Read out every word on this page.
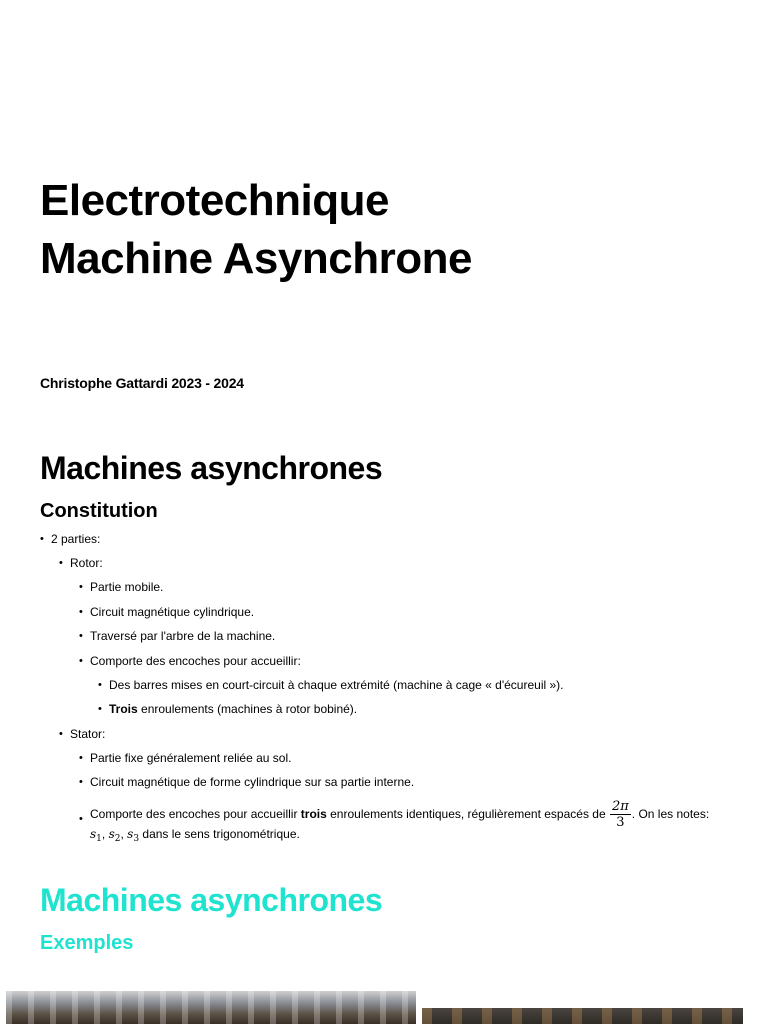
Electrotechnique
Machine Asynchrone
Christophe Gattardi 2023 - 2024
Machines asynchrones
Constitution
• 2 parties:
• Rotor:
• Partie mobile.
• Circuit magnétique cylindrique.
• Traversé par l'arbre de la machine.
• Comporte des encoches pour accueillir:
• Des barres mises en court-circuit à chaque extrémité (machine à cage « d'écureuil »).
• Trois enroulements (machines à rotor bobiné).
• Stator:
• Partie fixe généralement reliée au sol.
• Circuit magnétique de forme cylindrique sur sa partie interne.
• Comporte des encoches pour accueillir trois enroulements identiques, régulièrement espacés de $\frac{2\pi}{3}$ . On les notes:
$s_1$, $s_2$, $s_3$ dans le sens trigonométrique.
Machines asynchrones
Exemples
